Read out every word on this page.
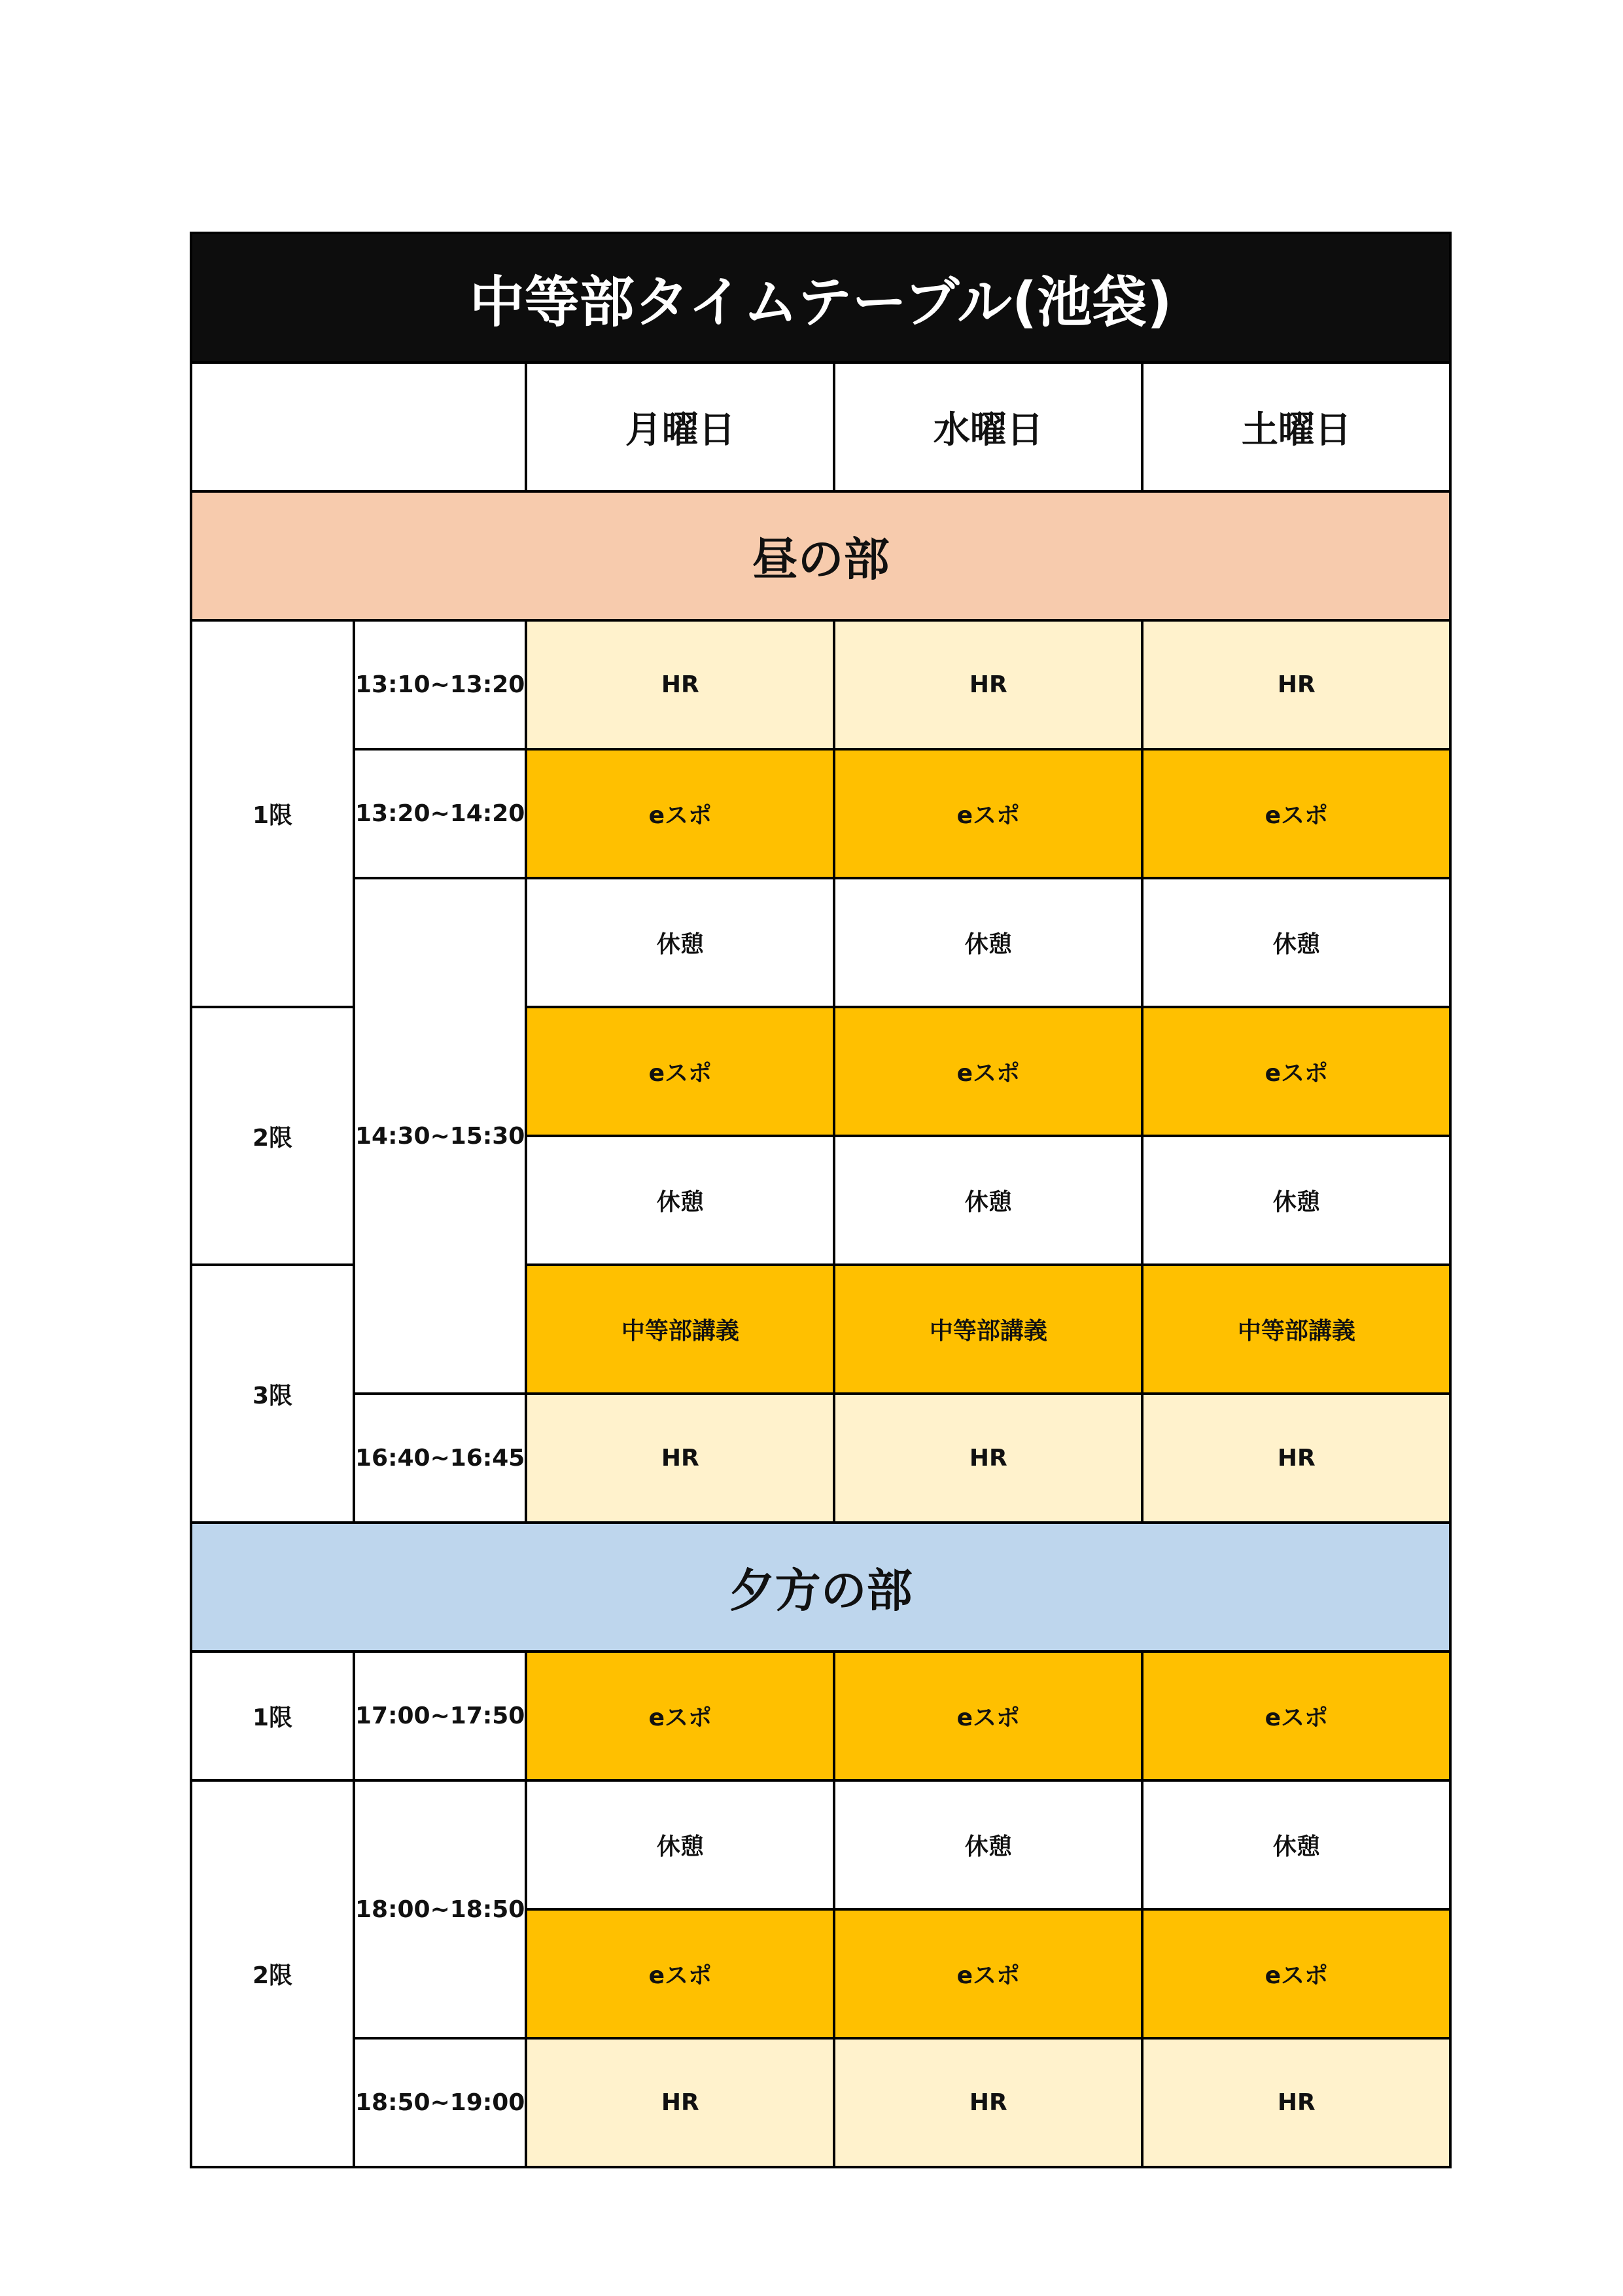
中等部タイムテーブル(池袋)				
		月曜日	水曜日	土曜日
昼の部				
1限	13:10~13:20	HR	HR	HR
	13:20~14:20	eスポ	eスポ	eスポ
	14:30~15:30	休憩	休憩	休憩
2限		eスポ	eスポ	eスポ
		休憩	休憩	休憩
3限		中等部講義	中等部講義	中等部講義
	16:40~16:45	HR	HR	HR
夕方の部				
1限	17:00~17:50	eスポ	eスポ	eスポ
2限	18:00~18:50	休憩	休憩	休憩
		eスポ	eスポ	eスポ
	18:50~19:00	HR	HR	HR
